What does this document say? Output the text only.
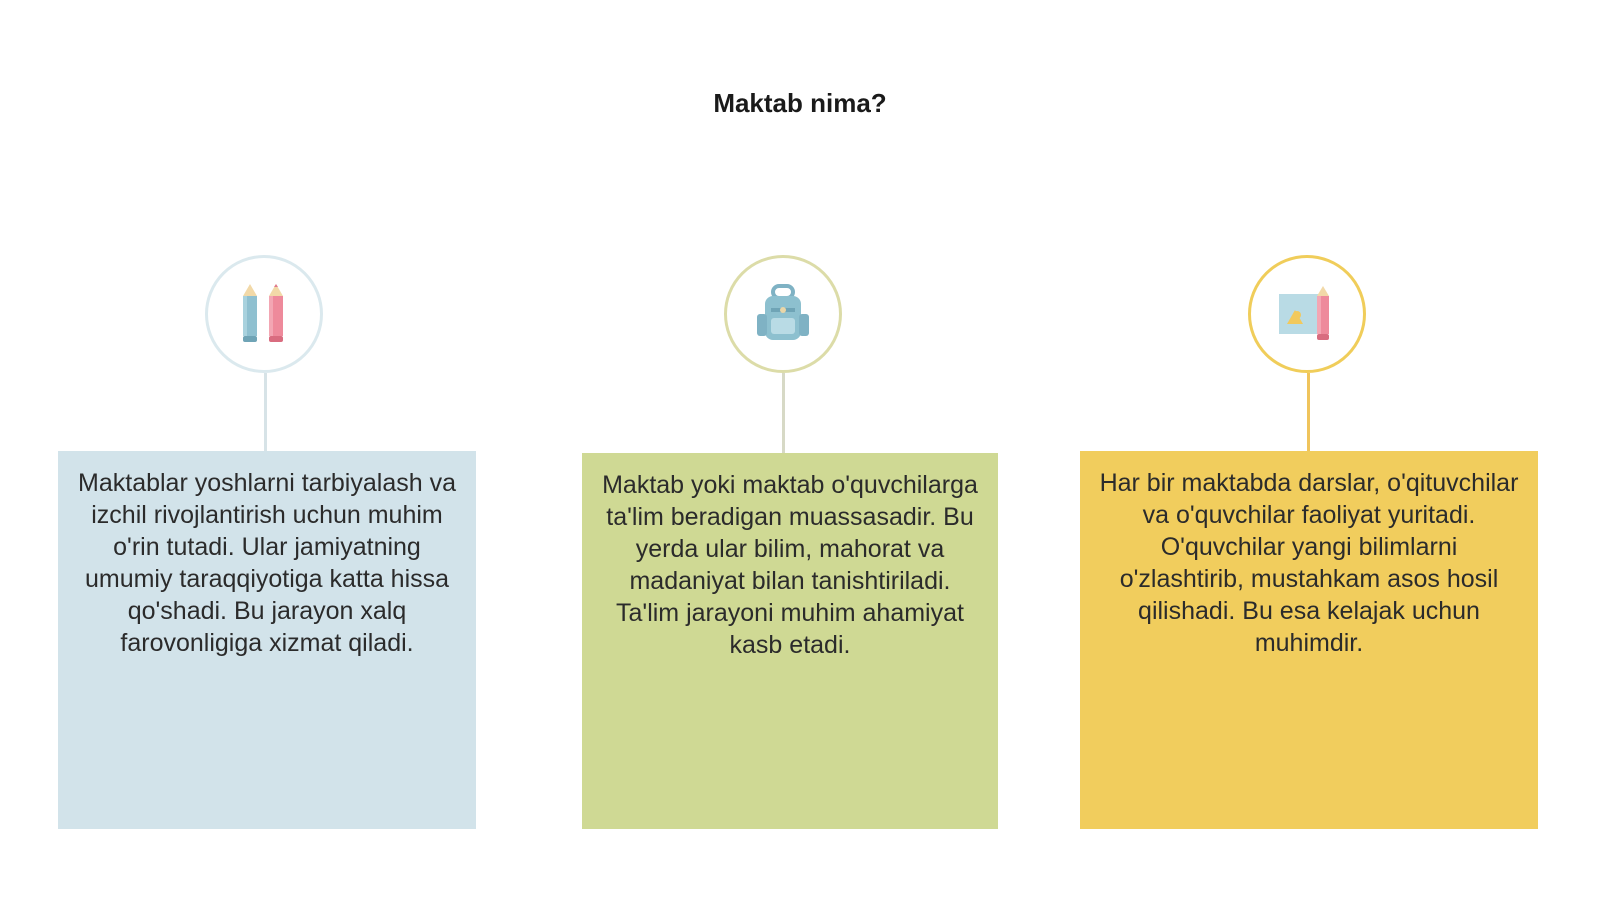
Maktab nima?
Maktablar yoshlarni tarbiyalash va izchil rivojlantirish uchun muhim o'rin tutadi. Ular jamiyatning umumiy taraqqiyotiga katta hissa qo'shadi. Bu jarayon xalq farovonligiga xizmat qiladi.
Maktab yoki maktab o'quvchilarga ta'lim beradigan muassasadir. Bu yerda ular bilim, mahorat va madaniyat bilan tanishtiriladi. Ta'lim jarayoni muhim ahamiyat kasb etadi.
Har bir maktabda darslar, o'qituvchilar va o'quvchilar faoliyat yuritadi. O'quvchilar yangi bilimlarni o'zlashtirib, mustahkam asos hosil qilishadi. Bu esa kelajak uchun muhimdir.
